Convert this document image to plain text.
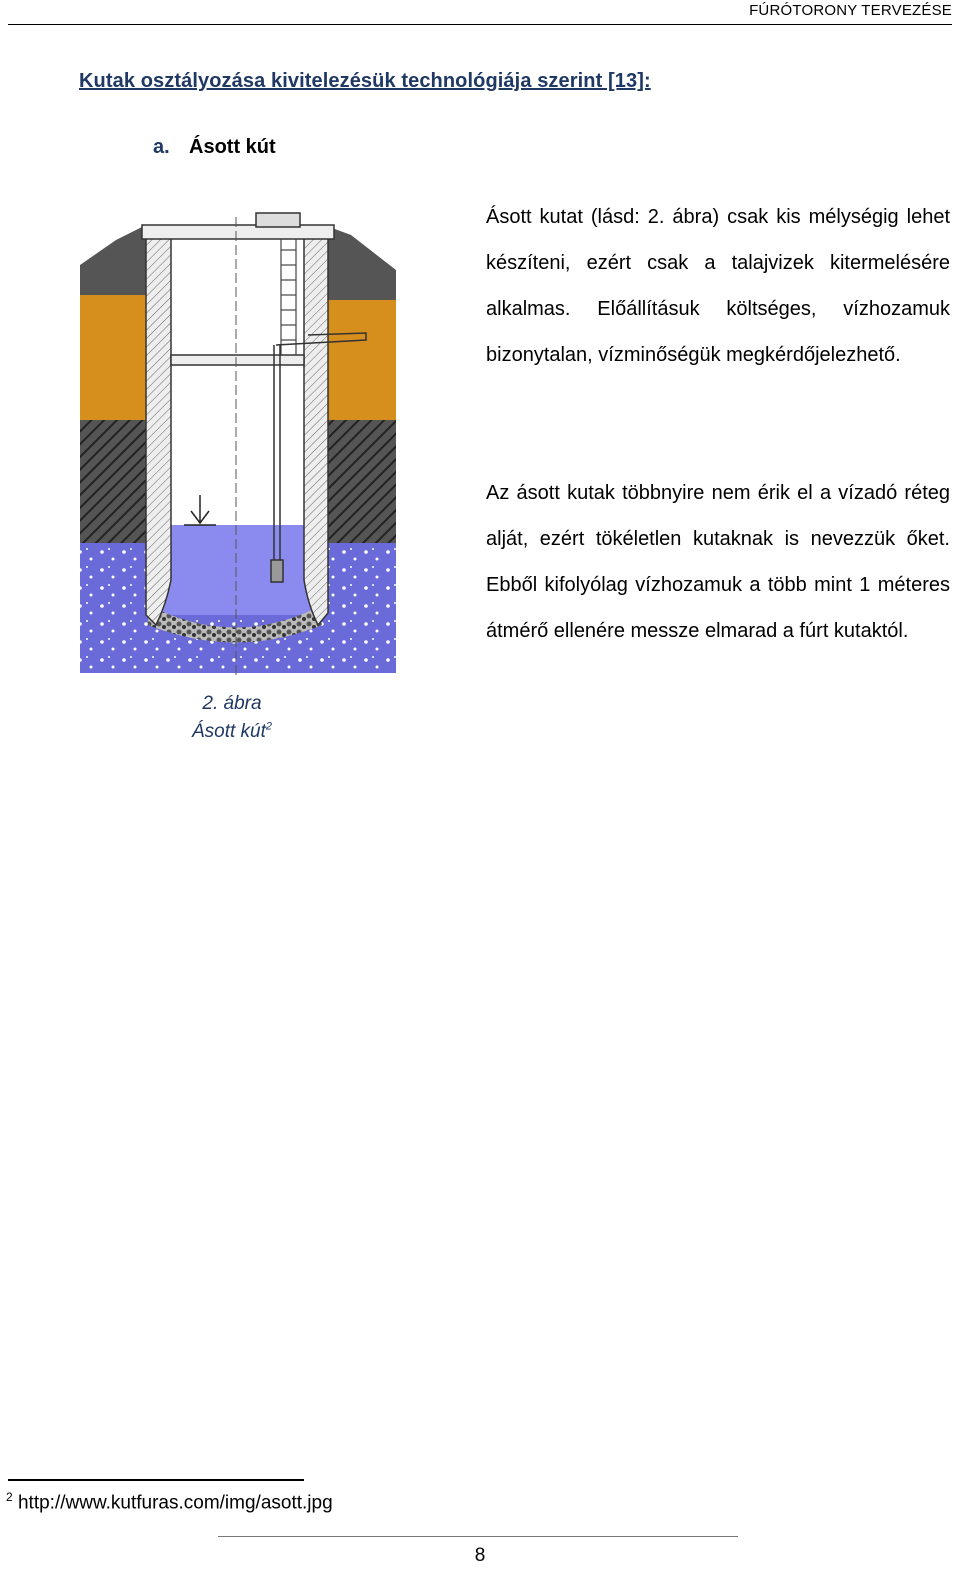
FÚRÓTORONY TERVEZÉSE
Kutak osztályozása kivitelezésük technológiája szerint [13]:
a. Ásott kút
2. ábra
Ásott kút$^2$
Ásott kutat (lásd: 2. ábra) csak kis mélységig lehet készíteni, ezért csak a talajvizek kitermelésére alkalmas. Előállításuk költséges, vízhozamuk bizonytalan, vízminőségük megkérdőjelezhető.
Az ásott kutak többnyire nem érik el a vízadó réteg alját, ezért tökéletlen kutaknak is nevezzük őket. Ebből kifolyólag vízhozamuk a több mint 1 méteres átmérő ellenére messze elmarad a fúrt kutaktól.
$^2$ http://www.kutfuras.com/img/asott.jpg
8
